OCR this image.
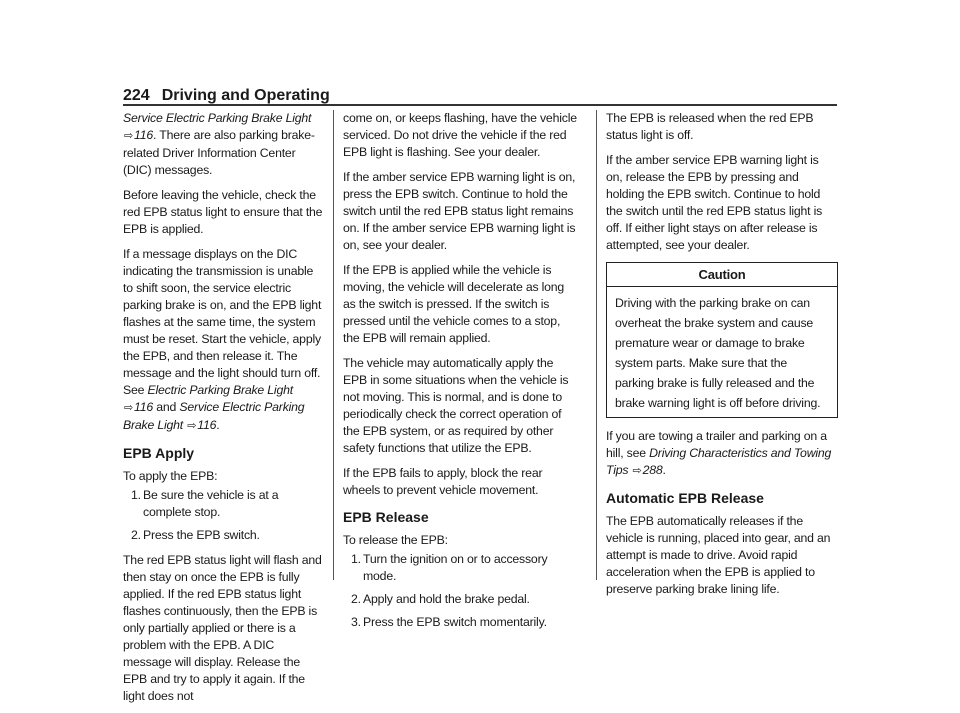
224 Driving and Operating

Service Electric Parking Brake Light ⇨116. There are also parking brake-related Driver Information Center (DIC) messages.

Before leaving the vehicle, check the red EPB status light to ensure that the EPB is applied.

If a message displays on the DIC indicating the transmission is unable to shift soon, the service electric parking brake is on, and the EPB light flashes at the same time, the system must be reset. Start the vehicle, apply the EPB, and then release it. The message and the light should turn off. See Electric Parking Brake Light ⇨116 and Service Electric Parking Brake Light ⇨116.

EPB Apply

To apply the EPB:

1. Be sure the vehicle is at a complete stop.
2. Press the EPB switch.

The red EPB status light will flash and then stay on once the EPB is fully applied. If the red EPB status light flashes continuously, then the EPB is only partially applied or there is a problem with the EPB. A DIC message will display. Release the EPB and try to apply it again. If the light does not

come on, or keeps flashing, have the vehicle serviced. Do not drive the vehicle if the red EPB light is flashing. See your dealer.

If the amber service EPB warning light is on, press the EPB switch. Continue to hold the switch until the red EPB status light remains on. If the amber service EPB warning light is on, see your dealer.

If the EPB is applied while the vehicle is moving, the vehicle will decelerate as long as the switch is pressed. If the switch is pressed until the vehicle comes to a stop, the EPB will remain applied.

The vehicle may automatically apply the EPB in some situations when the vehicle is not moving. This is normal, and is done to periodically check the correct operation of the EPB system, or as required by other safety functions that utilize the EPB.

If the EPB fails to apply, block the rear wheels to prevent vehicle movement.

EPB Release

To release the EPB:

1. Turn the ignition on or to accessory mode.
2. Apply and hold the brake pedal.
3. Press the EPB switch momentarily.

The EPB is released when the red EPB status light is off.

If the amber service EPB warning light is on, release the EPB by pressing and holding the EPB switch. Continue to hold the switch until the red EPB status light is off. If either light stays on after release is attempted, see your dealer.

Caution
Driving with the parking brake on can overheat the brake system and cause premature wear or damage to brake system parts. Make sure that the parking brake is fully released and the brake warning light is off before driving.

If you are towing a trailer and parking on a hill, see Driving Characteristics and Towing Tips ⇨288.

Automatic EPB Release

The EPB automatically releases if the vehicle is running, placed into gear, and an attempt is made to drive. Avoid rapid acceleration when the EPB is applied to preserve parking brake lining life.
